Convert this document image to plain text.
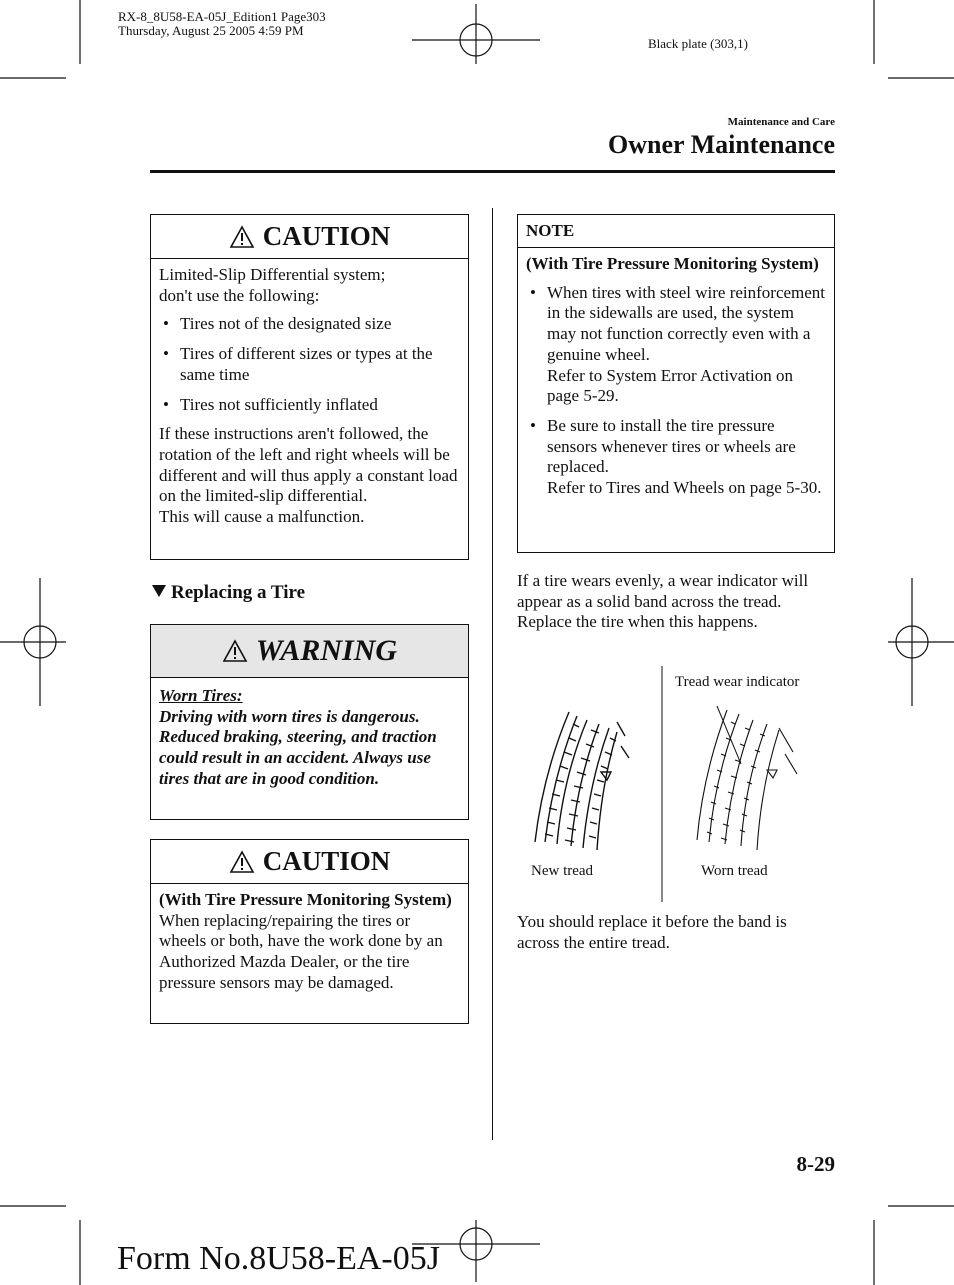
RX-8_8U58-EA-05J_Edition1 Page303
Thursday, August 25 2005 4:59 PM
Black plate (303,1)
Maintenance and Care
Owner Maintenance
CAUTION
Limited-Slip Differential system;
don't use the following:
• Tires not of the designated size
• Tires of different sizes or types at the same time
• Tires not sufficiently inflated
If these instructions aren't followed, the rotation of the left and right wheels will be different and will thus apply a constant load on the limited-slip differential.
This will cause a malfunction.
Replacing a Tire
WARNING
Worn Tires:
Driving with worn tires is dangerous. Reduced braking, steering, and traction could result in an accident. Always use tires that are in good condition.
CAUTION
(With Tire Pressure Monitoring System)
When replacing/repairing the tires or wheels or both, have the work done by an Authorized Mazda Dealer, or the tire pressure sensors may be damaged.
NOTE
(With Tire Pressure Monitoring System)
• When tires with steel wire reinforcement in the sidewalls are used, the system may not function correctly even with a genuine wheel.
Refer to System Error Activation on page 5-29.
• Be sure to install the tire pressure sensors whenever tires or wheels are replaced.
Refer to Tires and Wheels on page 5-30.
If a tire wears evenly, a wear indicator will appear as a solid band across the tread.
Replace the tire when this happens.
Tread wear indicator
New tread	Worn tread
You should replace it before the band is across the entire tread.
8-29
Form No.8U58-EA-05J
